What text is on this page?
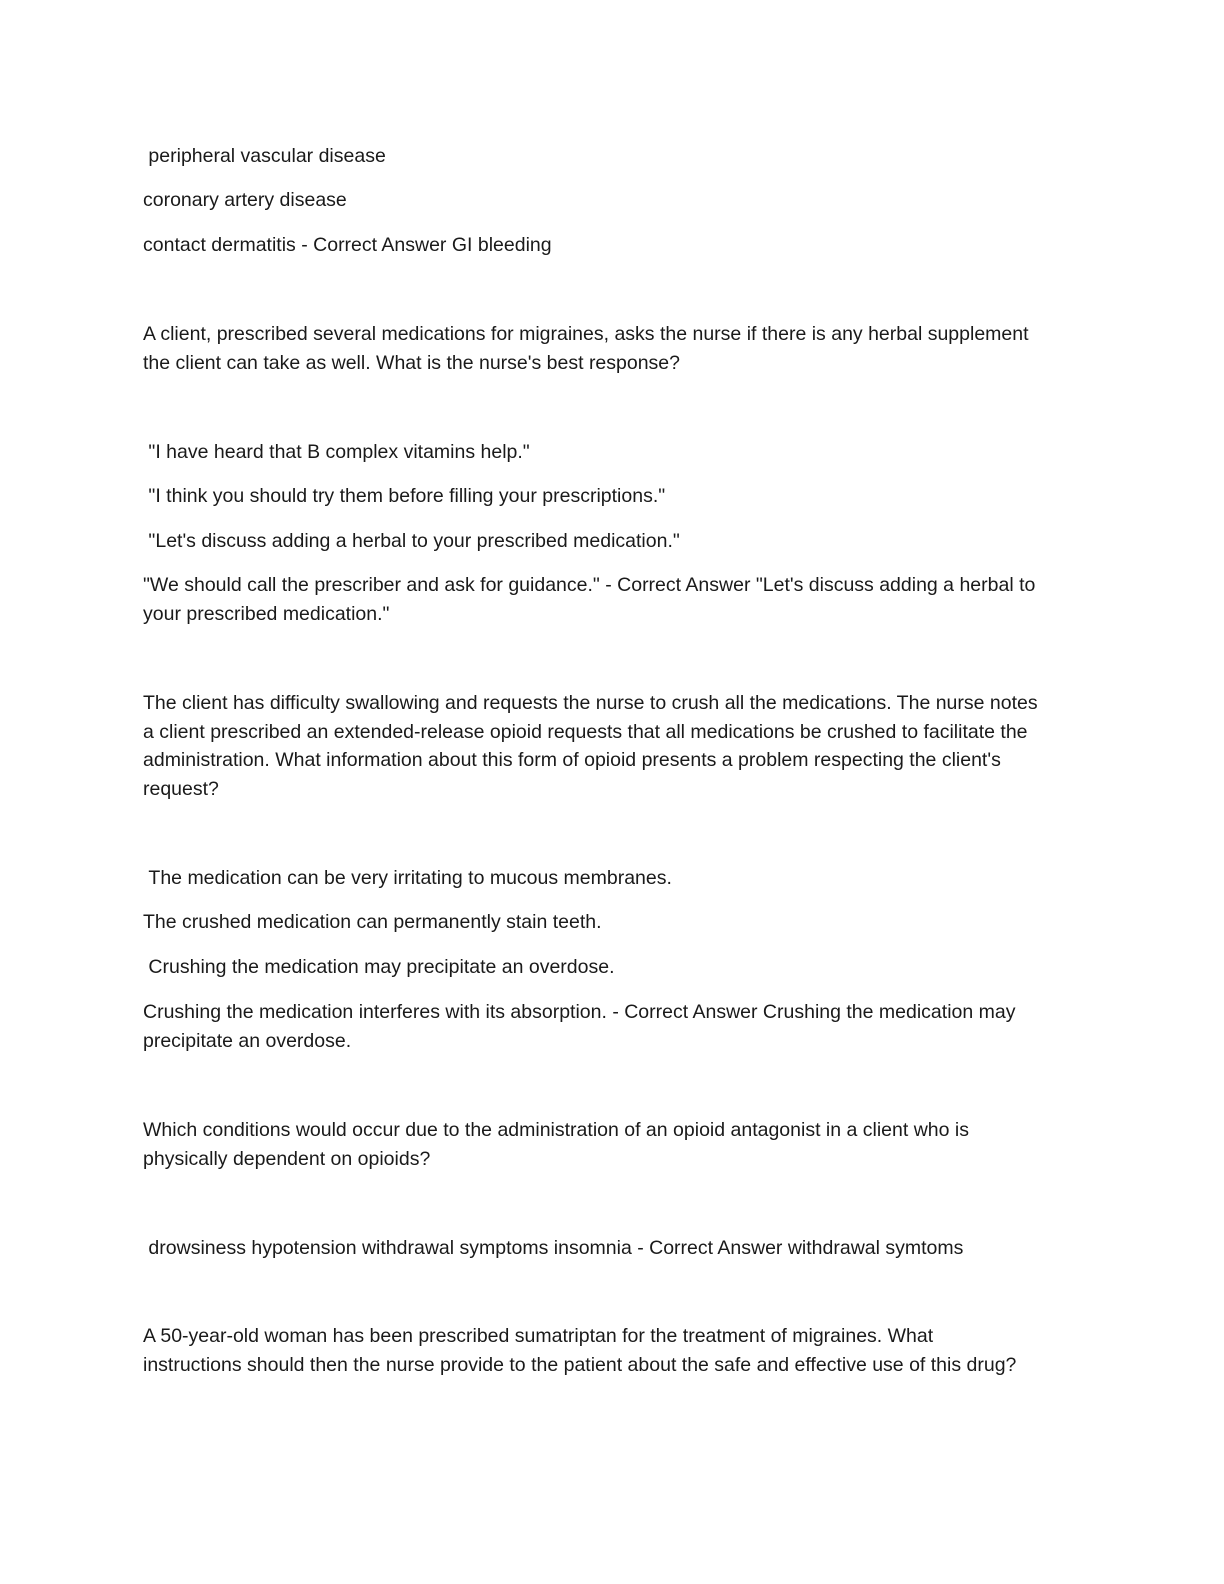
peripheral vascular disease

coronary artery disease

contact dermatitis - Correct Answer GI bleeding

A client, prescribed several medications for migraines, asks the nurse if there is any herbal supplement

the client can take as well. What is the nurse's best response?

"I have heard that B complex vitamins help."

"I think you should try them before filling your prescriptions."

"Let's discuss adding a herbal to your prescribed medication."

"We should call the prescriber and ask for guidance." - Correct Answer "Let's discuss adding a herbal to

your prescribed medication."

The client has difficulty swallowing and requests the nurse to crush all the medications. The nurse notes

a client prescribed an extended-release opioid requests that all medications be crushed to facilitate the

administration. What information about this form of opioid presents a problem respecting the client's

request?

The medication can be very irritating to mucous membranes.

The crushed medication can permanently stain teeth.

Crushing the medication may precipitate an overdose.

Crushing the medication interferes with its absorption. - Correct Answer Crushing the medication may

precipitate an overdose.

Which conditions would occur due to the administration of an opioid antagonist in a client who is

physically dependent on opioids?

drowsiness hypotension withdrawal symptoms insomnia - Correct Answer withdrawal symtoms

A 50-year-old woman has been prescribed sumatriptan for the treatment of migraines. What

instructions should then the nurse provide to the patient about the safe and effective use of this drug?
